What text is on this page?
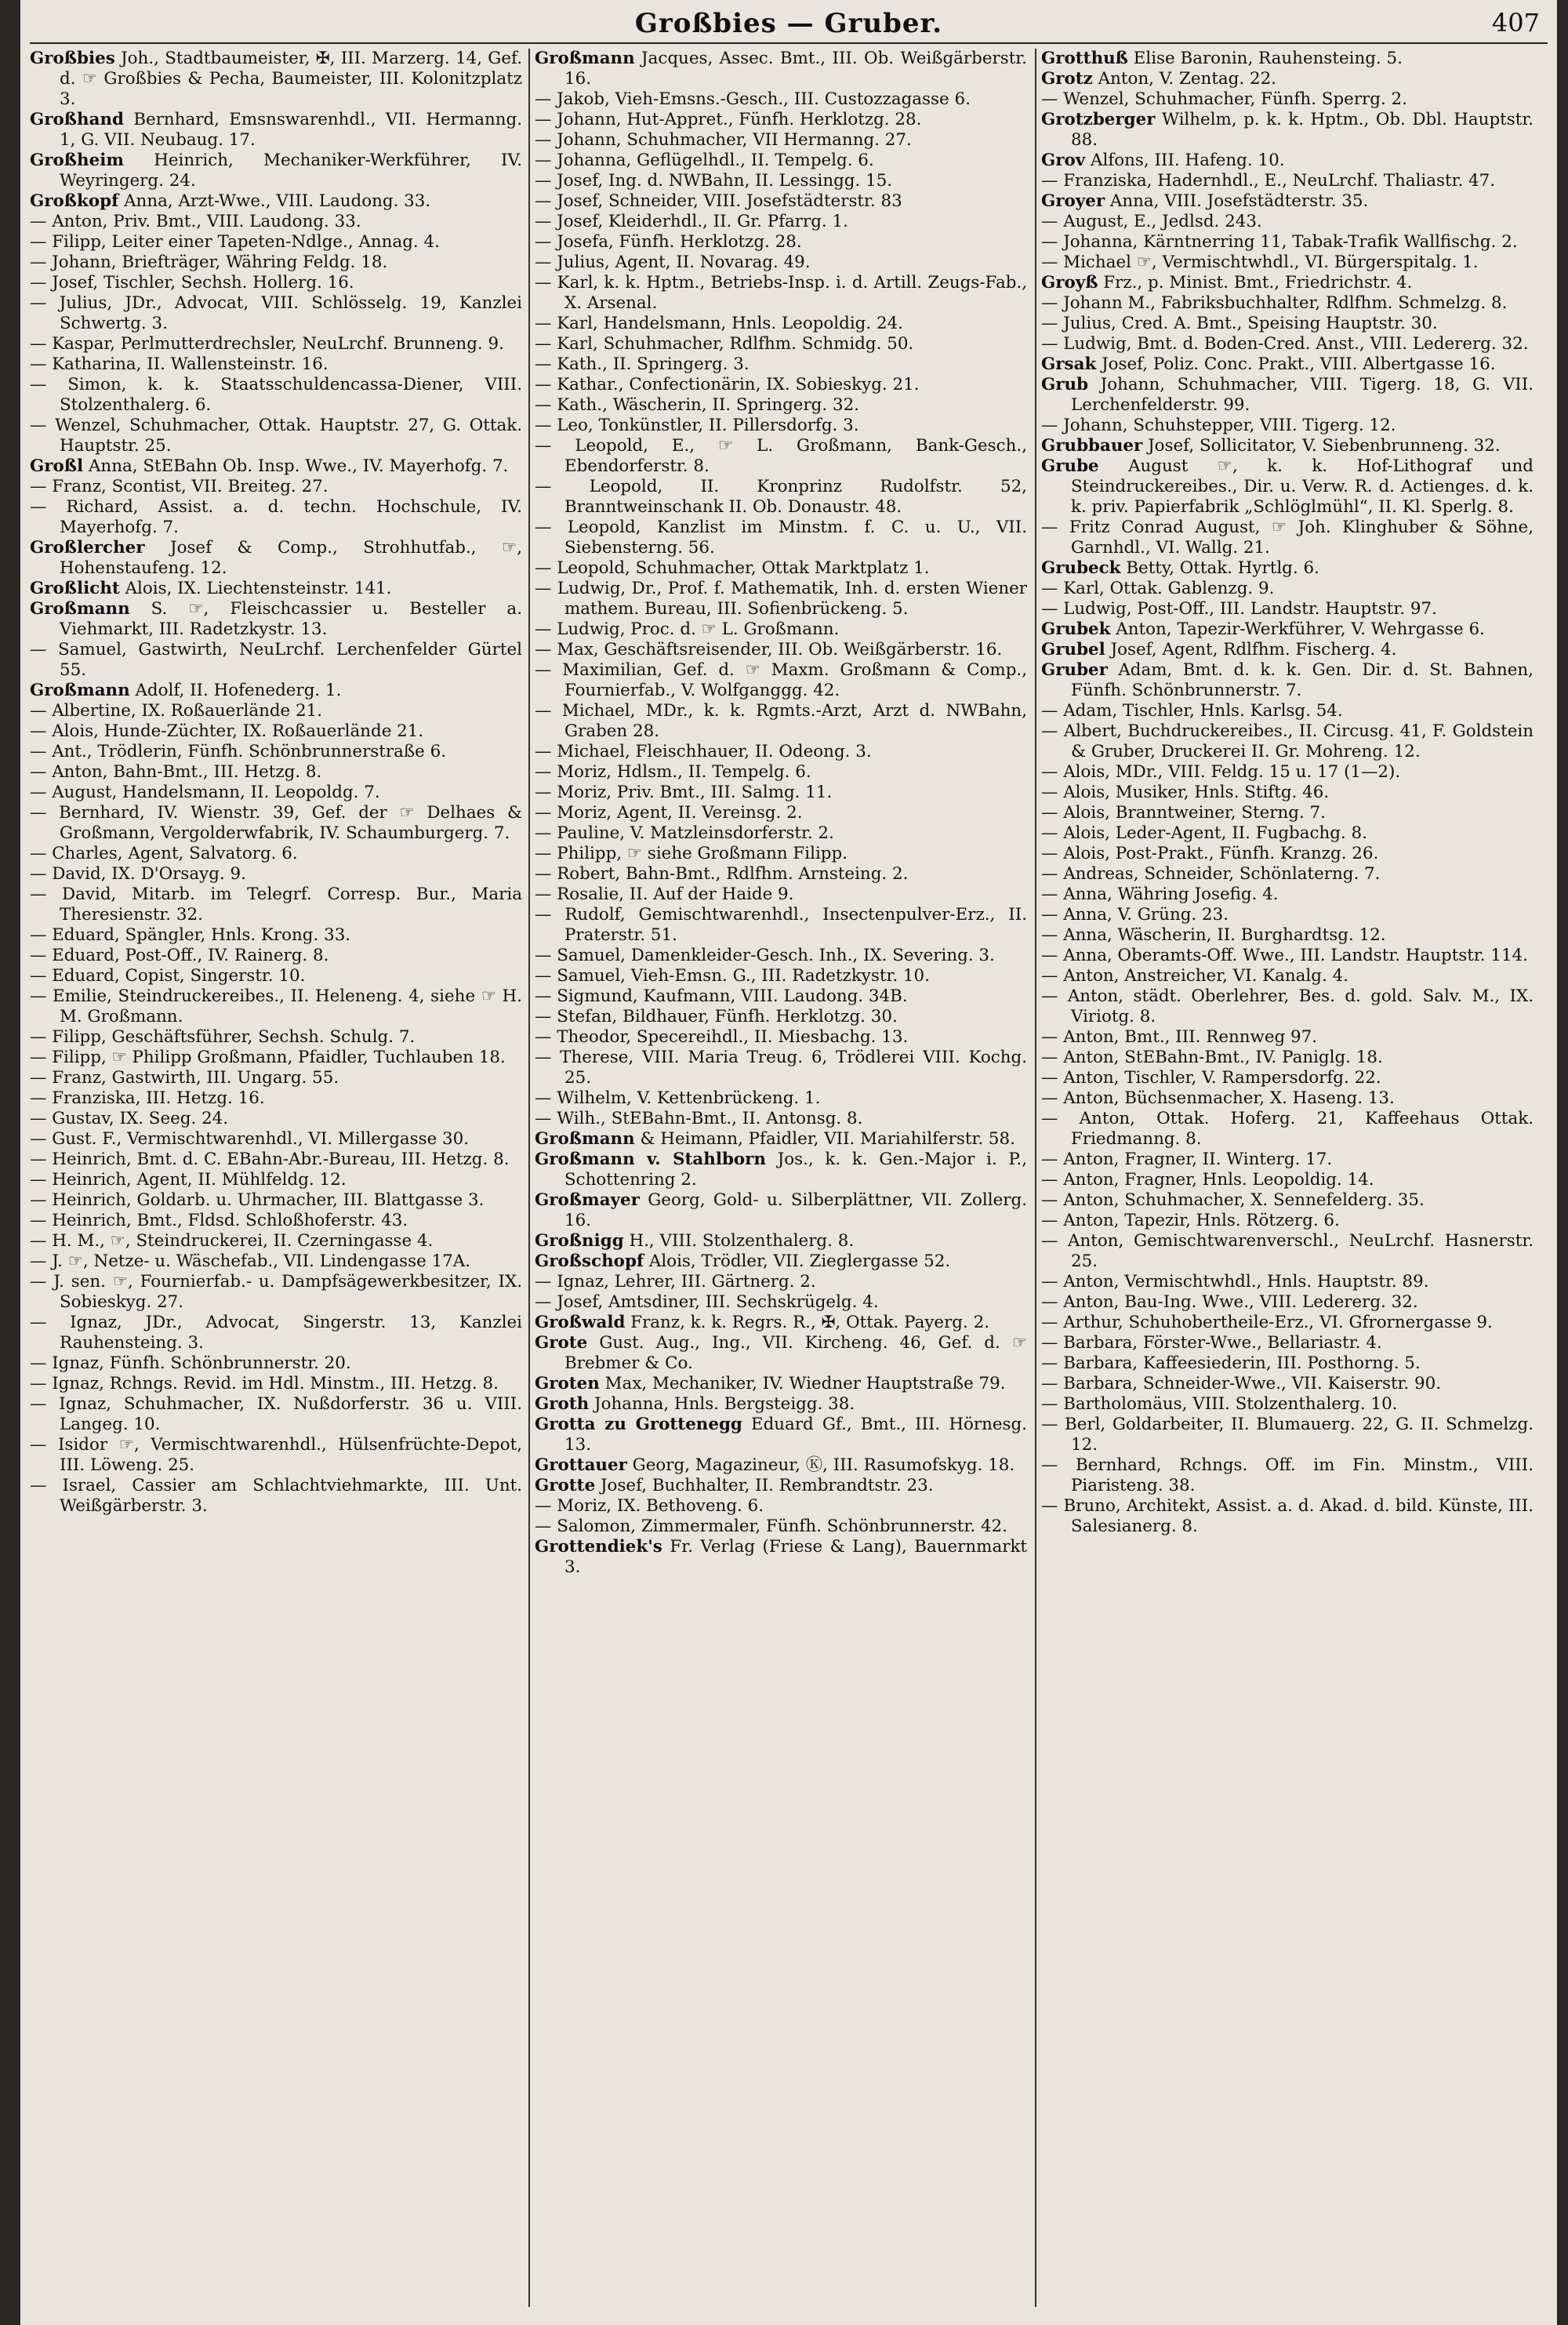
Großbies — Gruber.	407
Großbies Joh., Stadtbaumeister, ✠, III. Marzerg. 14, Gef. d. ☞ Großbies & Pecha, Baumeister, III. Kolonitzplatz 3.
Großhand Bernhard, Emsnswarenhdl., VII. Hermanng. 1, G. VII. Neubaug. 17.
Großheim Heinrich, Mechaniker-Werkführer, IV. Weyringerg. 24.
Großkopf Anna, Arzt-Wwe., VIII. Laudong. 33.
— Anton, Priv. Bmt., VIII. Laudong. 33.
— Filipp, Leiter einer Tapeten-Ndlge., Annag. 4.
— Johann, Briefträger, Währing Feldg. 18.
— Josef, Tischler, Sechsh. Hollerg. 16.
— Julius, JDr., Advocat, VIII. Schlösselg. 19, Kanzlei Schwertg. 3.
— Kaspar, Perlmutterdrechsler, NeuLrchf. Brunneng. 9.
— Katharina, II. Wallensteinstr. 16.
— Simon, k. k. Staatsschuldencassa-Diener, VIII. Stolzenthalerg. 6.
— Wenzel, Schuhmacher, Ottak. Hauptstr. 27, G. Ottak. Hauptstr. 25.
Großl Anna, StEBahn Ob. Insp. Wwe., IV. Mayerhofg. 7.
— Franz, Scontist, VII. Breiteg. 27.
— Richard, Assist. a. d. techn. Hochschule, IV. Mayerhofg. 7.
Großlercher Josef & Comp., Strohhutfab., ☞, Hohenstaufeng. 12.
Großlicht Alois, IX. Liechtensteinstr. 141.
Großmann S. ☞, Fleischcassier u. Besteller a. Viehmarkt, III. Radetzkystr. 13.
— Samuel, Gastwirth, NeuLrchf. Lerchenfelder Gürtel 55.
Großmann Adolf, II. Hofenederg. 1.
— Albertine, IX. Roßauerlände 21.
— Alois, Hunde-Züchter, IX. Roßauerlände 21.
— Ant., Trödlerin, Fünfh. Schönbrunnerstraße 6.
— Anton, Bahn-Bmt., III. Hetzg. 8.
— August, Handelsmann, II. Leopoldg. 7.
— Bernhard, IV. Wienstr. 39, Gef. der ☞ Delhaes & Großmann, Vergolderwfabrik, IV. Schaumburgerg. 7.
— Charles, Agent, Salvatorg. 6.
— David, IX. D'Orsayg. 9.
— David, Mitarb. im Telegrf. Corresp. Bur., Maria Theresienstr. 32.
— Eduard, Spängler, Hnls. Krong. 33.
— Eduard, Post-Off., IV. Rainerg. 8.
— Eduard, Copist, Singerstr. 10.
— Emilie, Steindruckereibes., II. Heleneng. 4, siehe ☞ H. M. Großmann.
— Filipp, Geschäftsführer, Sechsh. Schulg. 7.
— Filipp, ☞ Philipp Großmann, Pfaidler, Tuchlauben 18.
— Franz, Gastwirth, III. Ungarg. 55.
— Franziska, III. Hetzg. 16.
— Gustav, IX. Seeg. 24.
— Gust. F., Vermischtwarenhdl., VI. Millergasse 30.
— Heinrich, Bmt. d. C. EBahn-Abr.-Bureau, III. Hetzg. 8.
— Heinrich, Agent, II. Mühlfeldg. 12.
— Heinrich, Goldarb. u. Uhrmacher, III. Blattgasse 3.
— Heinrich, Bmt., Fldsd. Schloßhoferstr. 43.
— H. M., ☞, Steindruckerei, II. Czerningasse 4.
— J. ☞, Netze- u. Wäschefab., VII. Lindengasse 17A.
— J. sen. ☞, Fournierfab.- u. Dampfsägewerkbesitzer, IX. Sobieskyg. 27.
— Ignaz, JDr., Advocat, Singerstr. 13, Kanzlei Rauhensteing. 3.
— Ignaz, Fünfh. Schönbrunnerstr. 20.
— Ignaz, Rchngs. Revid. im Hdl. Minstm., III. Hetzg. 8.
— Ignaz, Schuhmacher, IX. Nußdorferstr. 36 u. VIII. Langeg. 10.
— Isidor ☞, Vermischtwarenhdl., Hülsenfrüchte-Depot, III. Löweng. 25.
— Israel, Cassier am Schlachtviehmarkte, III. Unt. Weißgärberstr. 3.
Großmann Jacques, Assec. Bmt., III. Ob. Weißgärberstr. 16.
— Jakob, Vieh-Emsns.-Gesch., III. Custozzagasse 6.
— Johann, Hut-Appret., Fünfh. Herklotzg. 28.
— Johann, Schuhmacher, VII Hermanng. 27.
— Johanna, Geflügelhdl., II. Tempelg. 6.
— Josef, Ing. d. NWBahn, II. Lessingg. 15.
— Josef, Schneider, VIII. Josefstädterstr. 83
— Josef, Kleiderhdl., II. Gr. Pfarrg. 1.
— Josefa, Fünfh. Herklotzg. 28.
— Julius, Agent, II. Novarag. 49.
— Karl, k. k. Hptm., Betriebs-Insp. i. d. Artill. Zeugs-Fab., X. Arsenal.
— Karl, Handelsmann, Hnls. Leopoldig. 24.
— Karl, Schuhmacher, Rdlfhm. Schmidg. 50.
— Kath., II. Springerg. 3.
— Kathar., Confectionärin, IX. Sobieskyg. 21.
— Kath., Wäscherin, II. Springerg. 32.
— Leo, Tonkünstler, II. Pillersdorfg. 3.
— Leopold, E., ☞ L. Großmann, Bank-Gesch., Ebendorferstr. 8.
— Leopold, II. Kronprinz Rudolfstr. 52, Branntweinschank II. Ob. Donaustr. 48.
— Leopold, Kanzlist im Minstm. f. C. u. U., VII. Siebensterng. 56.
— Leopold, Schuhmacher, Ottak Marktplatz 1.
— Ludwig, Dr., Prof. f. Mathematik, Inh. d. ersten Wiener mathem. Bureau, III. Sofienbrückeng. 5.
— Ludwig, Proc. d. ☞ L. Großmann.
— Max, Geschäftsreisender, III. Ob. Weißgärberstr. 16.
— Maximilian, Gef. d. ☞ Maxm. Großmann & Comp., Fournierfab., V. Wolfganggg. 42.
— Michael, MDr., k. k. Rgmts.-Arzt, Arzt d. NWBahn, Graben 28.
— Michael, Fleischhauer, II. Odeong. 3.
— Moriz, Hdlsm., II. Tempelg. 6.
— Moriz, Priv. Bmt., III. Salmg. 11.
— Moriz, Agent, II. Vereinsg. 2.
— Pauline, V. Matzleinsdorferstr. 2.
— Philipp, ☞ siehe Großmann Filipp.
— Robert, Bahn-Bmt., Rdlfhm. Arnsteing. 2.
— Rosalie, II. Auf der Haide 9.
— Rudolf, Gemischtwarenhdl., Insectenpulver-Erz., II. Praterstr. 51.
— Samuel, Damenkleider-Gesch. Inh., IX. Severing. 3.
— Samuel, Vieh-Emsn. G., III. Radetzkystr. 10.
— Sigmund, Kaufmann, VIII. Laudong. 34B.
— Stefan, Bildhauer, Fünfh. Herklotzg. 30.
— Theodor, Specereihdl., II. Miesbachg. 13.
— Therese, VIII. Maria Treug. 6, Trödlerei VIII. Kochg. 25.
— Wilhelm, V. Kettenbrückeng. 1.
— Wilh., StEBahn-Bmt., II. Antonsg. 8.
Großmann & Heimann, Pfaidler, VII. Mariahilferstr. 58.
Großmann v. Stahlborn Jos., k. k. Gen.-Major i. P., Schottenring 2.
Großmayer Georg, Gold- u. Silberplättner, VII. Zollerg. 16.
Großnigg H., VIII. Stolzenthalerg. 8.
Großschopf Alois, Trödler, VII. Zieglergasse 52.
— Ignaz, Lehrer, III. Gärtnerg. 2.
— Josef, Amtsdiner, III. Sechskrügelg. 4.
Großwald Franz, k. k. Regrs. R., ✠, Ottak. Payerg. 2.
Grote Gust. Aug., Ing., VII. Kircheng. 46, Gef. d. ☞ Brebmer & Co.
Groten Max, Mechaniker, IV. Wiedner Hauptstraße 79.
Groth Johanna, Hnls. Bergsteigg. 38.
Grotta zu Grottenegg Eduard Gf., Bmt., III. Hörnesg. 13.
Grottauer Georg, Magazineur, Ⓚ, III. Rasumofskyg. 18.
Grotte Josef, Buchhalter, II. Rembrandtstr. 23.
— Moriz, IX. Bethoveng. 6.
— Salomon, Zimmermaler, Fünfh. Schönbrunnerstr. 42.
Grottendiek's Fr. Verlag (Friese & Lang), Bauernmarkt 3.
Grotthuß Elise Baronin, Rauhensteing. 5.
Grotz Anton, V. Zentag. 22.
— Wenzel, Schuhmacher, Fünfh. Sperrg. 2.
Grotzberger Wilhelm, p. k. k. Hptm., Ob. Dbl. Hauptstr. 88.
Grov Alfons, III. Hafeng. 10.
— Franziska, Hadernhdl., E., NeuLrchf. Thaliastr. 47.
Groyer Anna, VIII. Josefstädterstr. 35.
— August, E., Jedlsd. 243.
— Johanna, Kärntnerring 11, Tabak-Trafik Wallfischg. 2.
— Michael ☞, Vermischtwhdl., VI. Bürgerspitalg. 1.
Groyß Frz., p. Minist. Bmt., Friedrichstr. 4.
— Johann M., Fabriksbuchhalter, Rdlfhm. Schmelzg. 8.
— Julius, Cred. A. Bmt., Speising Hauptstr. 30.
— Ludwig, Bmt. d. Boden-Cred. Anst., VIII. Ledererg. 32.
Grsak Josef, Poliz. Conc. Prakt., VIII. Albertgasse 16.
Grub Johann, Schuhmacher, VIII. Tigerg. 18, G. VII. Lerchenfelderstr. 99.
— Johann, Schuhstepper, VIII. Tigerg. 12.
Grubbauer Josef, Sollicitator, V. Siebenbrunneng. 32.
Grube August ☞, k. k. Hof-Lithograf und Steindruckereibes., Dir. u. Verw. R. d. Actienges. d. k. k. priv. Papierfabrik „Schlöglmühl“, II. Kl. Sperlg. 8.
— Fritz Conrad August, ☞ Joh. Klinghuber & Söhne, Garnhdl., VI. Wallg. 21.
Grubeck Betty, Ottak. Hyrtlg. 6.
— Karl, Ottak. Gablenzg. 9.
— Ludwig, Post-Off., III. Landstr. Hauptstr. 97.
Grubek Anton, Tapezir-Werkführer, V. Wehrgasse 6.
Grubel Josef, Agent, Rdlfhm. Fischerg. 4.
Gruber Adam, Bmt. d. k. k. Gen. Dir. d. St. Bahnen, Fünfh. Schönbrunnerstr. 7.
— Adam, Tischler, Hnls. Karlsg. 54.
— Albert, Buchdruckereibes., II. Circusg. 41, F. Goldstein & Gruber, Druckerei II. Gr. Mohreng. 12.
— Alois, MDr., VIII. Feldg. 15 u. 17 (1—2).
— Alois, Musiker, Hnls. Stiftg. 46.
— Alois, Branntweiner, Sterng. 7.
— Alois, Leder-Agent, II. Fugbachg. 8.
— Alois, Post-Prakt., Fünfh. Kranzg. 26.
— Andreas, Schneider, Schönlaterng. 7.
— Anna, Währing Josefig. 4.
— Anna, V. Grüng. 23.
— Anna, Wäscherin, II. Burghardtsg. 12.
— Anna, Oberamts-Off. Wwe., III. Landstr. Hauptstr. 114.
— Anton, Anstreicher, VI. Kanalg. 4.
— Anton, städt. Oberlehrer, Bes. d. gold. Salv. M., IX. Viriotg. 8.
— Anton, Bmt., III. Rennweg 97.
— Anton, StEBahn-Bmt., IV. Paniglg. 18.
— Anton, Tischler, V. Rampersdorfg. 22.
— Anton, Büchsenmacher, X. Haseng. 13.
— Anton, Ottak. Hoferg. 21, Kaffeehaus Ottak. Friedmanng. 8.
— Anton, Fragner, II. Winterg. 17.
— Anton, Fragner, Hnls. Leopoldig. 14.
— Anton, Schuhmacher, X. Sennefelderg. 35.
— Anton, Tapezir, Hnls. Rötzerg. 6.
— Anton, Gemischtwarenverschl., NeuLrchf. Hasnerstr. 25.
— Anton, Vermischtwhdl., Hnls. Hauptstr. 89.
— Anton, Bau-Ing. Wwe., VIII. Ledererg. 32.
— Arthur, Schuhobertheile-Erz., VI. Gfrornergasse 9.
— Barbara, Förster-Wwe., Bellariastr. 4.
— Barbara, Kaffeesiederin, III. Posthorng. 5.
— Barbara, Schneider-Wwe., VII. Kaiserstr. 90.
— Bartholomäus, VIII. Stolzenthalerg. 10.
— Berl, Goldarbeiter, II. Blumauerg. 22, G. II. Schmelzg. 12.
— Bernhard, Rchngs. Off. im Fin. Minstm., VIII. Piaristeng. 38.
— Bruno, Architekt, Assist. a. d. Akad. d. bild. Künste, III. Salesianerg. 8.
